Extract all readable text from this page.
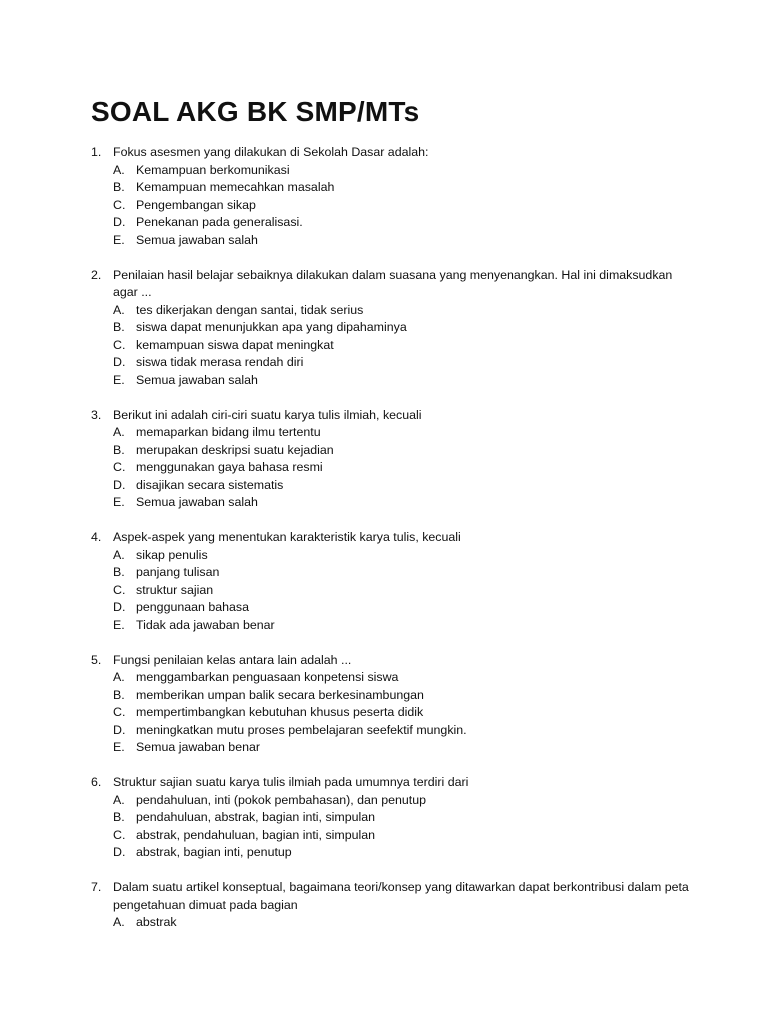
SOAL AKG BK SMP/MTs
1. Fokus asesmen yang dilakukan di Sekolah Dasar adalah:
A. Kemampuan berkomunikasi
B. Kemampuan memecahkan masalah
C. Pengembangan sikap
D. Penekanan pada generalisasi.
E. Semua jawaban salah
2. Penilaian hasil belajar sebaiknya dilakukan dalam suasana yang menyenangkan. Hal ini dimaksudkan agar ...
A. tes dikerjakan dengan santai, tidak serius
B. siswa dapat menunjukkan apa yang dipahaminya
C. kemampuan siswa dapat meningkat
D. siswa tidak merasa rendah diri
E. Semua jawaban salah
3. Berikut ini adalah ciri-ciri suatu karya tulis ilmiah, kecuali
A. memaparkan bidang ilmu tertentu
B. merupakan deskripsi suatu kejadian
C. menggunakan gaya bahasa resmi
D. disajikan secara sistematis
E. Semua jawaban salah
4. Aspek-aspek yang menentukan karakteristik karya tulis, kecuali
A. sikap penulis
B. panjang tulisan
C. struktur sajian
D. penggunaan bahasa
E. Tidak ada jawaban benar
5. Fungsi penilaian kelas antara lain adalah ...
A. menggambarkan penguasaan konpetensi siswa
B. memberikan umpan balik secara berkesinambungan
C. mempertimbangkan kebutuhan khusus peserta didik
D. meningkatkan mutu proses pembelajaran seefektif mungkin.
E. Semua jawaban benar
6. Struktur sajian suatu karya tulis ilmiah pada umumnya terdiri dari
A. pendahuluan, inti (pokok pembahasan), dan penutup
B. pendahuluan, abstrak, bagian inti, simpulan
C. abstrak, pendahuluan, bagian inti, simpulan
D. abstrak, bagian inti, penutup
7. Dalam suatu artikel konseptual, bagaimana teori/konsep yang ditawarkan dapat berkontribusi dalam peta pengetahuan dimuat pada bagian
A. abstrak
